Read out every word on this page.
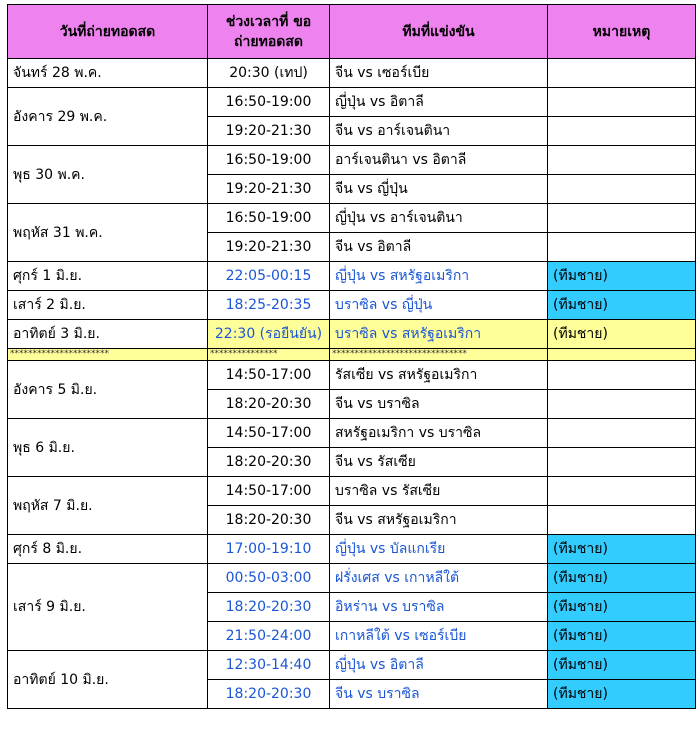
วันที่ถ่ายทอดสด	ช่วงเวลาที่ ขอถ่ายทอดสด	ทีมที่แข่งขัน	หมายเหตุ
จันทร์ 28 พ.ค.	20:30 (เทป)	จีน vs เซอร์เบีย	
อังคาร 29 พ.ค.	16:50-19:00	ญี่ปุ่น vs อิตาลี	
	19:20-21:30	จีน vs อาร์เจนตินา	
พุธ 30 พ.ค.	16:50-19:00	อาร์เจนตินา vs อิตาลี	
	19:20-21:30	จีน vs ญี่ปุ่น	
พฤหัส 31 พ.ค.	16:50-19:00	ญี่ปุ่น vs อาร์เจนตินา	
	19:20-21:30	จีน vs อิตาลี	
ศุกร์ 1 มิ.ย.	22:05-00:15	ญี่ปุ่น vs สหรัฐอเมริกา	(ทีมชาย)
เสาร์ 2 มิ.ย.	18:25-20:35	บราซิล vs ญี่ปุ่น	(ทีมชาย)
อาทิตย์ 3 มิ.ย.	22:30 (รอยืนยัน)	บราซิล vs สหรัฐอเมริกา	(ทีมชาย)
**********************	***************	******************************	
อังคาร 5 มิ.ย.	14:50-17:00	รัสเซีย vs สหรัฐอเมริกา	
	18:20-20:30	จีน vs บราซิล	
พุธ 6 มิ.ย.	14:50-17:00	สหรัฐอเมริกา vs บราซิล	
	18:20-20:30	จีน vs รัสเซีย	
พฤหัส 7 มิ.ย.	14:50-17:00	บราซิล vs รัสเซีย	
	18:20-20:30	จีน vs สหรัฐอเมริกา	
ศุกร์ 8 มิ.ย.	17:00-19:10	ญี่ปุ่น vs บัลแกเรีย	(ทีมชาย)
เสาร์ 9 มิ.ย.	00:50-03:00	ฝรั่งเศส vs เกาหลีใต้	(ทีมชาย)
	18:20-20:30	อิหร่าน vs บราซิล	(ทีมชาย)
	21:50-24:00	เกาหลีใต้ vs เซอร์เบีย	(ทีมชาย)
อาทิตย์ 10 มิ.ย.	12:30-14:40	ญี่ปุ่น vs อิตาลี	(ทีมชาย)
	18:20-20:30	จีน vs บราซิล	(ทีมชาย)
